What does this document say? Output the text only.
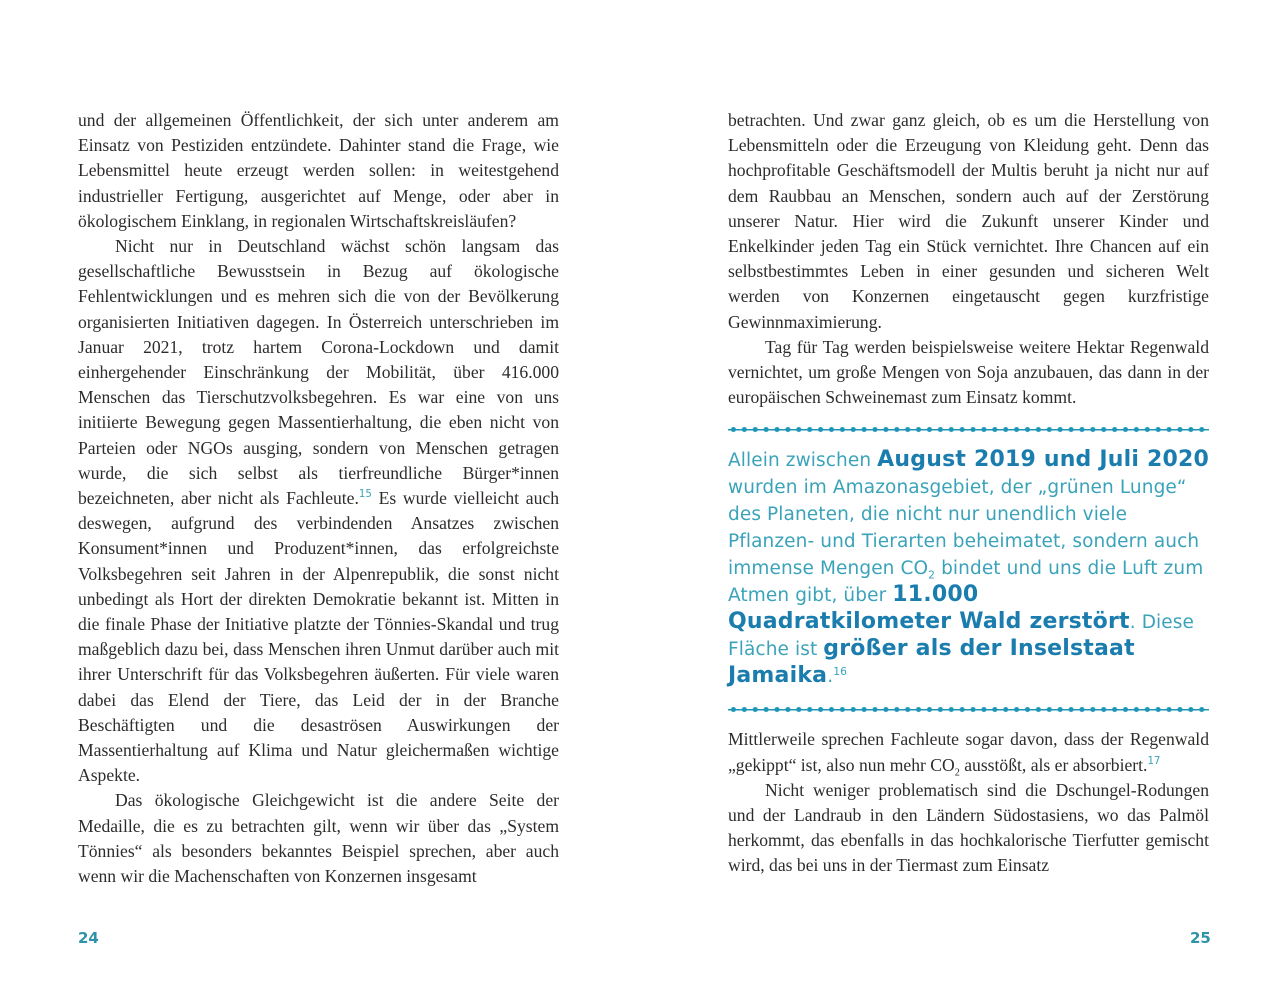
und der allgemeinen Öffentlichkeit, der sich unter anderem am Einsatz von Pestiziden entzündete. Dahinter stand die Frage, wie Lebensmittel heute erzeugt werden sollen: in weitestgehend industrieller Fertigung, ausgerichtet auf Menge, oder aber in ökologischem Einklang, in regionalen Wirtschaftskreisläufen?

Nicht nur in Deutschland wächst schön langsam das gesellschaftliche Bewusstsein in Bezug auf ökologische Fehlentwicklungen und es mehren sich die von der Bevölkerung organisierten Initiativen dagegen. In Österreich unterschrieben im Januar 2021, trotz hartem Corona-Lockdown und damit einhergehender Einschränkung der Mobilität, über 416.000 Menschen das Tierschutzvolksbegehren. Es war eine von uns initiierte Bewegung gegen Massentierhaltung, die eben nicht von Parteien oder NGOs ausging, sondern von Menschen getragen wurde, die sich selbst als tierfreundliche Bürger*innen bezeichneten, aber nicht als Fachleute.$^{15}$ Es wurde vielleicht auch deswegen, aufgrund des verbindenden Ansatzes zwischen Konsument*innen und Produzent*innen, das erfolgreichste Volksbegehren seit Jahren in der Alpenrepublik, die sonst nicht unbedingt als Hort der direkten Demokratie bekannt ist. Mitten in die finale Phase der Initiative platzte der Tönnies-Skandal und trug maßgeblich dazu bei, dass Menschen ihren Unmut darüber auch mit ihrer Unterschrift für das Volksbegehren äußerten. Für viele waren dabei das Elend der Tiere, das Leid der in der Branche Beschäftigten und die desaströsen Auswirkungen der Massentierhaltung auf Klima und Natur gleichermaßen wichtige Aspekte.

Das ökologische Gleichgewicht ist die andere Seite der Medaille, die es zu betrachten gilt, wenn wir über das „System Tönnies“ als besonders bekanntes Beispiel sprechen, aber auch wenn wir die Machenschaften von Konzernen insgesamt

betrachten. Und zwar ganz gleich, ob es um die Herstellung von Lebensmitteln oder die Erzeugung von Kleidung geht. Denn das hochprofitable Geschäftsmodell der Multis beruht ja nicht nur auf dem Raubbau an Menschen, sondern auch auf der Zerstörung unserer Natur. Hier wird die Zukunft unserer Kinder und Enkelkinder jeden Tag ein Stück vernichtet. Ihre Chancen auf ein selbstbestimmtes Leben in einer gesunden und sicheren Welt werden von Konzernen eingetauscht gegen kurzfristige Gewinnmaximierung.

Tag für Tag werden beispielsweise weitere Hektar Regenwald vernichtet, um große Mengen von Soja anzubauen, das dann in der europäischen Schweinemast zum Einsatz kommt.

Allein zwischen August 2019 und Juli 2020 wurden im Amazonasgebiet, der „grünen Lunge“ des Planeten, die nicht nur unendlich viele Pflanzen- und Tierarten beheimatet, sondern auch immense Mengen $CO_2$ bindet und uns die Luft zum Atmen gibt, über 11.000 Quadratkilometer Wald zerstört. Diese Fläche ist größer als der Inselstaat Jamaika.$^{16}$

Mittlerweile sprechen Fachleute sogar davon, dass der Regenwald „gekippt“ ist, also nun mehr $CO_2$ ausstößt, als er absorbiert.$^{17}$

Nicht weniger problematisch sind die Dschungel-Rodungen und der Landraub in den Ländern Südostasiens, wo das Palmöl herkommt, das ebenfalls in das hochkalorische Tierfutter gemischt wird, das bei uns in der Tiermast zum Einsatz

24	25
